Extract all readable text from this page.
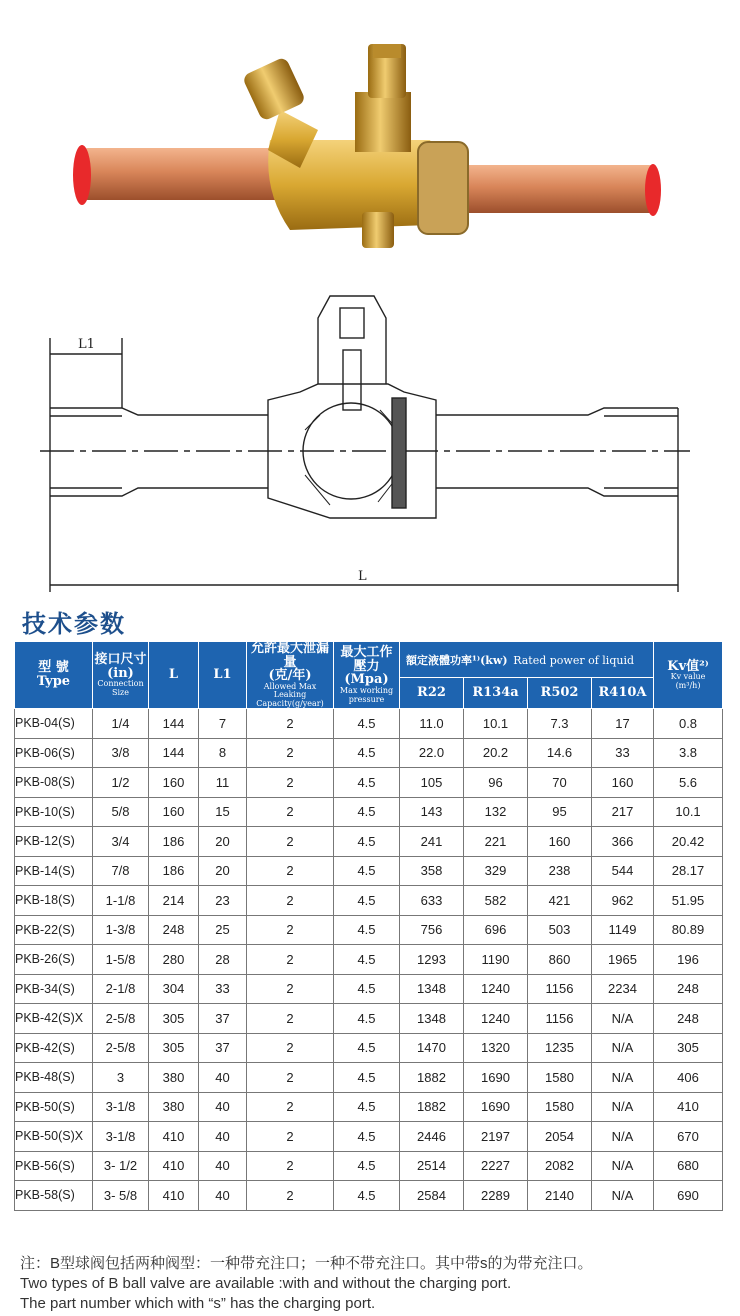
L1
L
技术参数
型 號
Type	接口尺寸
(in)
Connection Size	L	L1	允許最大泄漏量
(克/年)
Allowed Max Leaking Capacity(g/year)	最大工作
壓力(Mpa)
Max working pressure	額定液體功率¹⁾(kw) Rated power of liquid				Kv值²⁾
Kv value
(m³/h)

						R22	R134a	R502	R410A	

PKB-04(S)	1/4	144	7	2	4.5	11.0	10.1	7.3	17	0.8
PKB-06(S)	3/8	144	8	2	4.5	22.0	20.2	14.6	33	3.8
PKB-08(S)	1/2	160	11	2	4.5	105	96	70	160	5.6
PKB-10(S)	5/8	160	15	2	4.5	143	132	95	217	10.1
PKB-12(S)	3/4	186	20	2	4.5	241	221	160	366	20.42
PKB-14(S)	7/8	186	20	2	4.5	358	329	238	544	28.17
PKB-18(S)	1-1/8	214	23	2	4.5	633	582	421	962	51.95
PKB-22(S)	1-3/8	248	25	2	4.5	756	696	503	1149	80.89
PKB-26(S)	1-5/8	280	28	2	4.5	1293	1190	860	1965	196
PKB-34(S)	2-1/8	304	33	2	4.5	1348	1240	1156	2234	248
PKB-42(S)X	2-5/8	305	37	2	4.5	1348	1240	1156	N/A	248
PKB-42(S)	2-5/8	305	37	2	4.5	1470	1320	1235	N/A	305
PKB-48(S)	3	380	40	2	4.5	1882	1690	1580	N/A	406
PKB-50(S)	3-1/8	380	40	2	4.5	1882	1690	1580	N/A	410
PKB-50(S)X	3-1/8	410	40	2	4.5	2446	2197	2054	N/A	670
PKB-56(S)	3- 1/2	410	40	2	4.5	2514	2227	2082	N/A	680
PKB-58(S)	3- 5/8	410	40	2	4.5	2584	2289	2140	N/A	690
注：B型球阀包括两种阀型：一种带充注口；一种不带充注口。其中带s的为带充注口。
Two types of B ball valve are available :with and without the charging port.
The part number which with “s” has the charging port.
